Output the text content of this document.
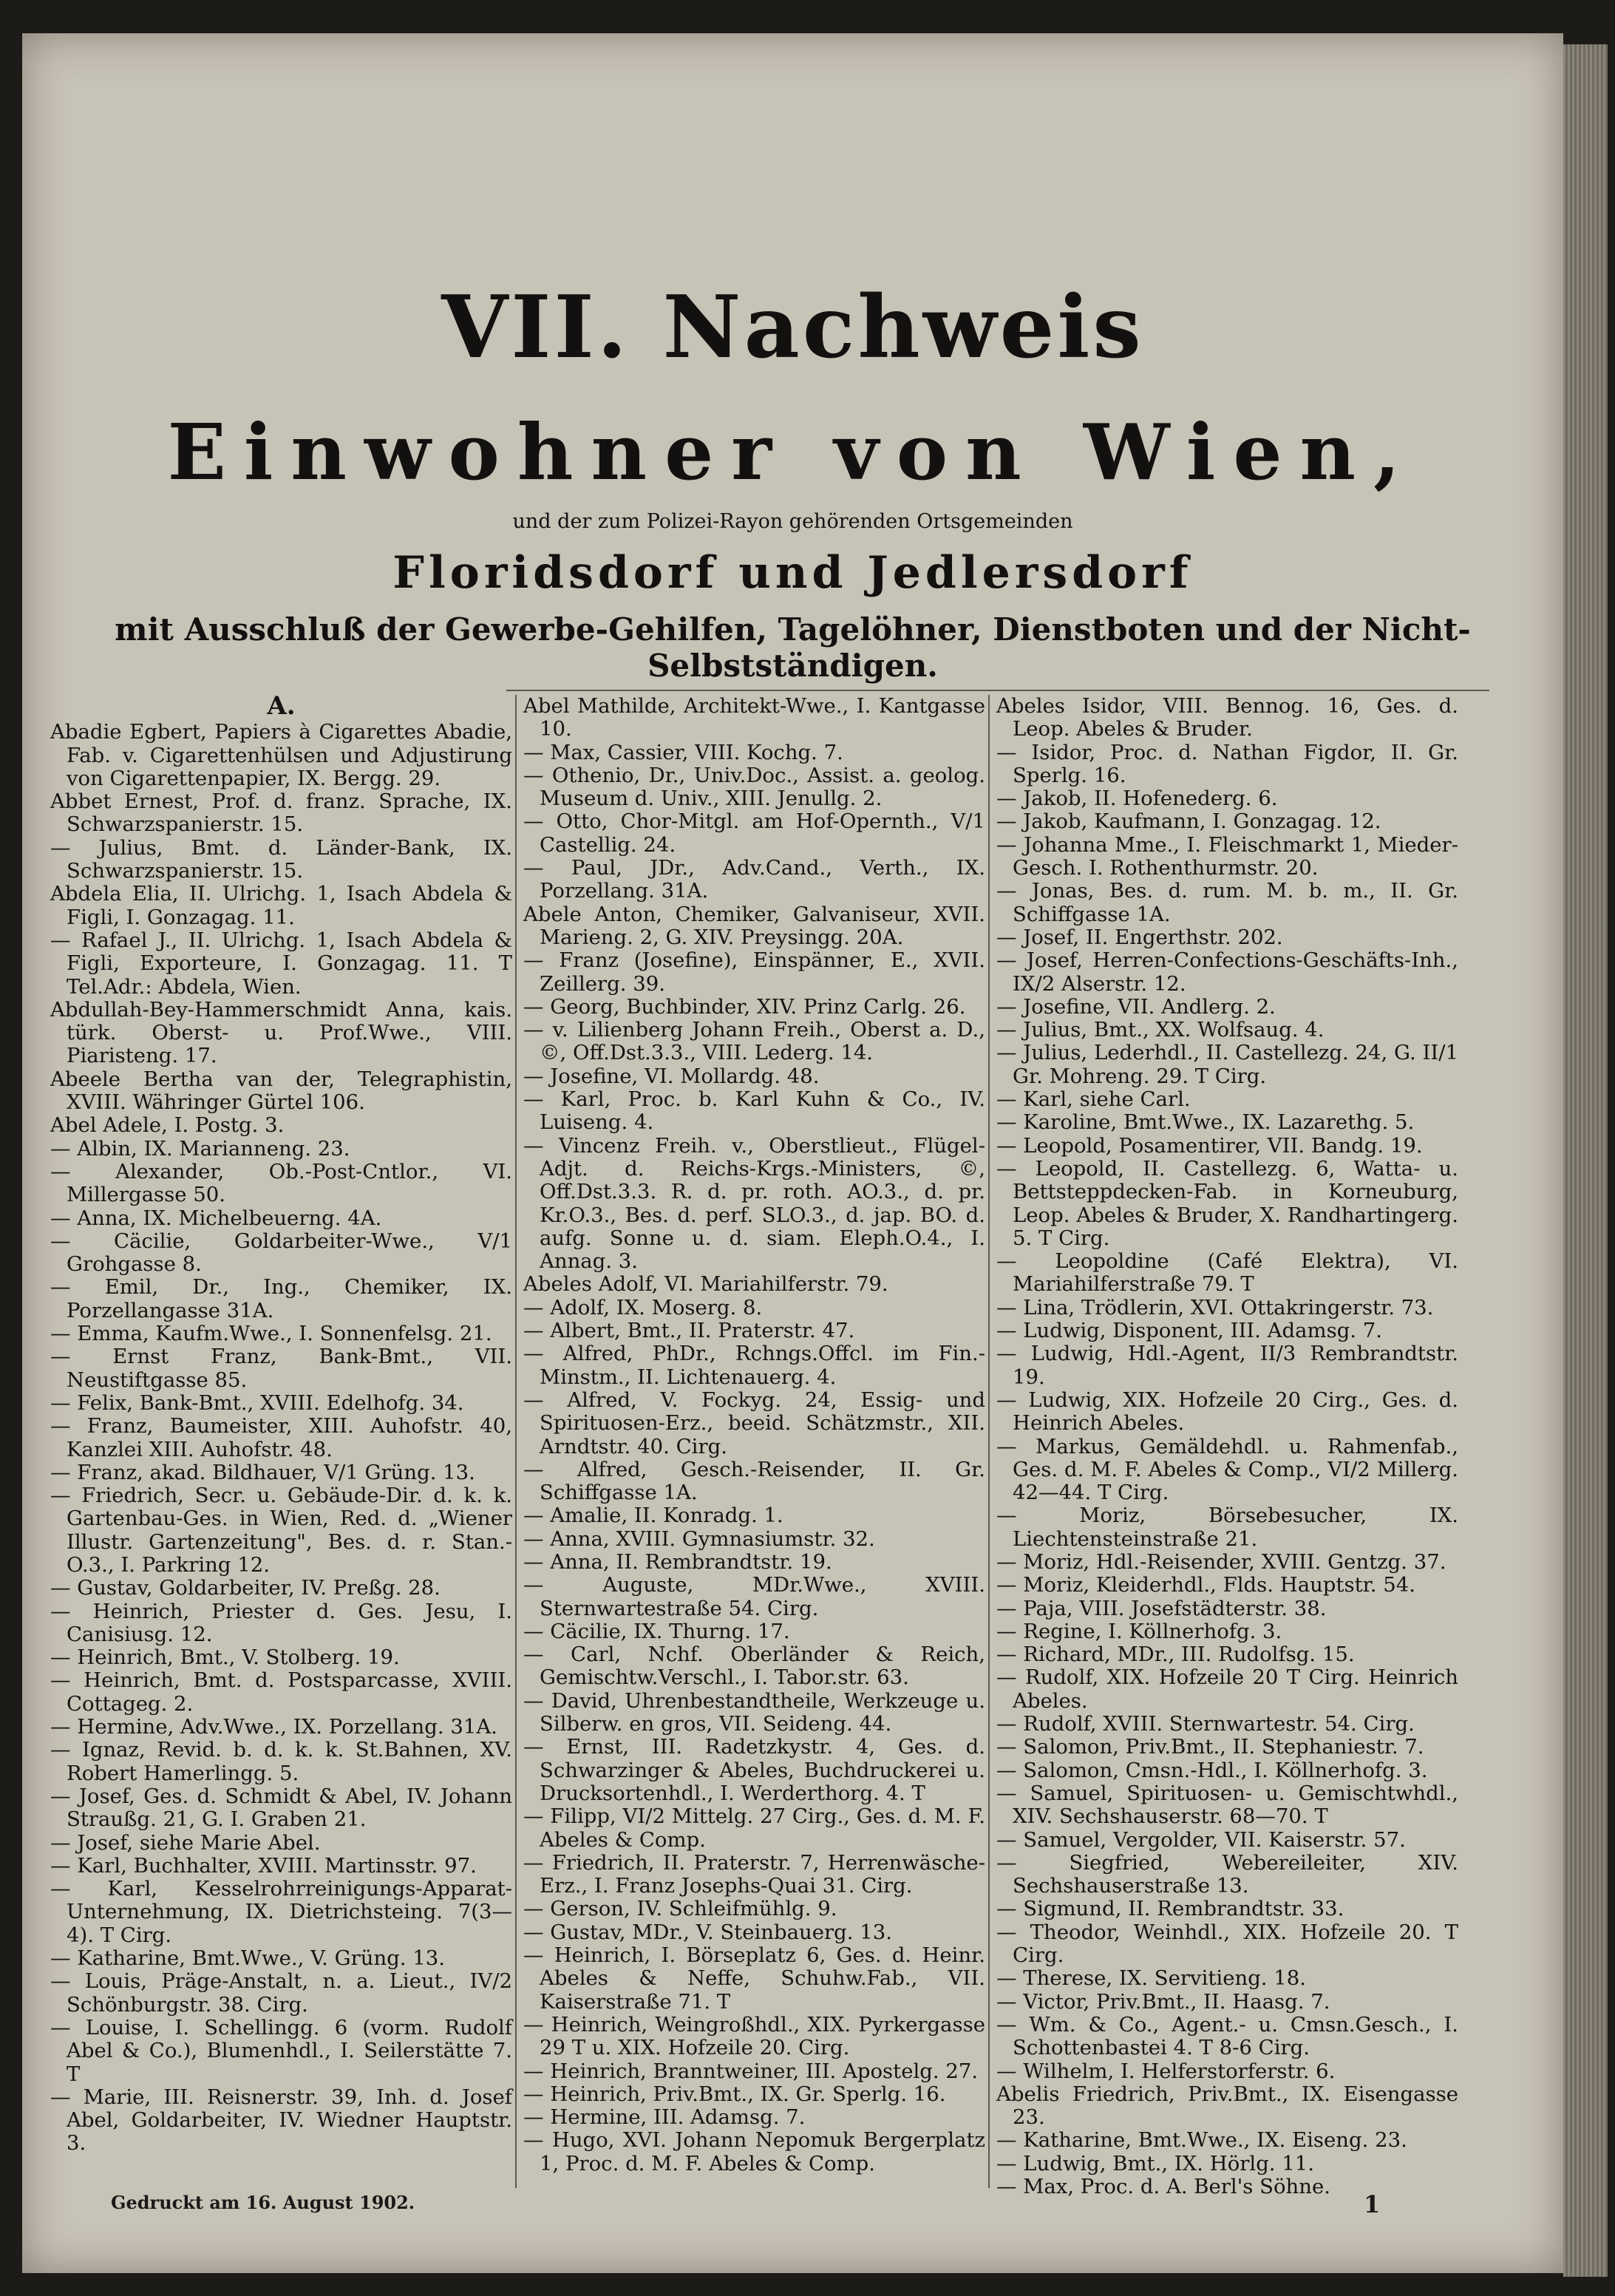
VII. Nachweis
Einwohner von Wien,
und der zum Polizei-Rayon gehörenden Ortsgemeinden
Floridsdorf und Jedlersdorf
mit Ausschluß der Gewerbe-Gehilfen, Tagelöhner, Dienstboten und der Nicht-Selbstständigen.

A.

Abadie Egbert, Papiers à Cigarettes Abadie, Fab. v. Cigarettenhülsen und Adjustirung von Cigarettenpapier, IX. Bergg. 29.

Abbet Ernest, Prof. d. franz. Sprache, IX. Schwarzspanierstr. 15.

— Julius, Bmt. d. Länder-Bank, IX. Schwarzspanierstr. 15.

Abdela Elia, II. Ulrichg. 1, Isach Abdela & Figli, I. Gonzagag. 11.

— Rafael J., II. Ulrichg. 1, Isach Abdela & Figli, Exporteure, I. Gonzagag. 11. T Tel.Adr.: Abdela, Wien.

Abdullah-Bey-Hammerschmidt Anna, kais. türk. Oberst- u. Prof.Wwe., VIII. Piaristeng. 17.

Abeele Bertha van der, Telegraphistin, XVIII. Währinger Gürtel 106.

Abel Adele, I. Postg. 3.

— Albin, IX. Marianneng. 23.

— Alexander, Ob.-Post-Cntlor., VI. Millergasse 50.

— Anna, IX. Michelbeuerng. 4A.

— Cäcilie, Goldarbeiter-Wwe., V/1 Grohgasse 8.

— Emil, Dr., Ing., Chemiker, IX. Porzellangasse 31A.

— Emma, Kaufm.Wwe., I. Sonnenfelsg. 21.

— Ernst Franz, Bank-Bmt., VII. Neustiftgasse 85.

— Felix, Bank-Bmt., XVIII. Edelhofg. 34.

— Franz, Baumeister, XIII. Auhofstr. 40, Kanzlei XIII. Auhofstr. 48.

— Franz, akad. Bildhauer, V/1 Grüng. 13.

— Friedrich, Secr. u. Gebäude-Dir. d. k. k. Gartenbau-Ges. in Wien, Red. d. „Wiener Illustr. Gartenzeitung", Bes. d. r. Stan.-O.3., I. Parkring 12.

— Gustav, Goldarbeiter, IV. Preßg. 28.

— Heinrich, Priester d. Ges. Jesu, I. Canisiusg. 12.

— Heinrich, Bmt., V. Stolberg. 19.

— Heinrich, Bmt. d. Postsparcasse, XVIII. Cottageg. 2.

— Hermine, Adv.Wwe., IX. Porzellang. 31A.

— Ignaz, Revid. b. d. k. k. St.Bahnen, XV. Robert Hamerlingg. 5.

— Josef, Ges. d. Schmidt & Abel, IV. Johann Straußg. 21, G. I. Graben 21.

— Josef, siehe Marie Abel.

— Karl, Buchhalter, XVIII. Martinsstr. 97.

— Karl, Kesselrohrreinigungs-Apparat-Unternehmung, IX. Dietrichsteing. 7(3—4). T Cirg.

— Katharine, Bmt.Wwe., V. Grüng. 13.

— Louis, Präge-Anstalt, n. a. Lieut., IV/2 Schönburgstr. 38. Cirg.

— Louise, I. Schellingg. 6 (vorm. Rudolf Abel & Co.), Blumenhdl., I. Seilerstätte 7. T

— Marie, III. Reisnerstr. 39, Inh. d. Josef Abel, Goldarbeiter, IV. Wiedner Hauptstr. 3.

Abel Mathilde, Architekt-Wwe., I. Kantgasse 10.

— Max, Cassier, VIII. Kochg. 7.

— Othenio, Dr., Univ.Doc., Assist. a. geolog. Museum d. Univ., XIII. Jenullg. 2.

— Otto, Chor-Mitgl. am Hof-Opernth., V/1 Castellig. 24.

— Paul, JDr., Adv.Cand., Verth., IX. Porzellang. 31A.

Abele Anton, Chemiker, Galvaniseur, XVII. Marieng. 2, G. XIV. Preysingg. 20A.

— Franz (Josefine), Einspänner, E., XVII. Zeillerg. 39.

— Georg, Buchbinder, XIV. Prinz Carlg. 26.

— v. Lilienberg Johann Freih., Oberst a. D., ©, Off.Dst.3.3., VIII. Lederg. 14.

— Josefine, VI. Mollardg. 48.

— Karl, Proc. b. Karl Kuhn & Co., IV. Luiseng. 4.

— Vincenz Freih. v., Oberstlieut., Flügel-Adjt. d. Reichs-Krgs.-Ministers, ©, Off.Dst.3.3. R. d. pr. roth. AO.3., d. pr. Kr.O.3., Bes. d. perf. SLO.3., d. jap. BO. d. aufg. Sonne u. d. siam. Eleph.O.4., I. Annag. 3.

Abeles Adolf, VI. Mariahilferstr. 79.

— Adolf, IX. Moserg. 8.

— Albert, Bmt., II. Praterstr. 47.

— Alfred, PhDr., Rchngs.Offcl. im Fin.-Minstm., II. Lichtenauerg. 4.

— Alfred, V. Fockyg. 24, Essig- und Spirituosen-Erz., beeid. Schätzmstr., XII. Arndtstr. 40. Cirg.

— Alfred, Gesch.-Reisender, II. Gr. Schiffgasse 1A.

— Amalie, II. Konradg. 1.

— Anna, XVIII. Gymnasiumstr. 32.

— Anna, II. Rembrandtstr. 19.

— Auguste, MDr.Wwe., XVIII. Sternwartestraße 54. Cirg.

— Cäcilie, IX. Thurng. 17.

— Carl, Nchf. Oberländer & Reich, Gemischtw.Verschl., I. Tabor.str. 63.

— David, Uhrenbestandtheile, Werkzeuge u. Silberw. en gros, VII. Seideng. 44.

— Ernst, III. Radetzkystr. 4, Ges. d. Schwarzinger & Abeles, Buchdruckerei u. Drucksortenhdl., I. Werderthorg. 4. T

— Filipp, VI/2 Mittelg. 27 Cirg., Ges. d. M. F. Abeles & Comp.

— Friedrich, II. Praterstr. 7, Herrenwäsche-Erz., I. Franz Josephs-Quai 31. Cirg.

— Gerson, IV. Schleifmühlg. 9.

— Gustav, MDr., V. Steinbauerg. 13.

— Heinrich, I. Börseplatz 6, Ges. d. Heinr. Abeles & Neffe, Schuhw.Fab., VII. Kaiserstraße 71. T

— Heinrich, Weingroßhdl., XIX. Pyrkergasse 29 T u. XIX. Hofzeile 20. Cirg.

— Heinrich, Branntweiner, III. Apostelg. 27.

— Heinrich, Priv.Bmt., IX. Gr. Sperlg. 16.

— Hermine, III. Adamsg. 7.

— Hugo, XVI. Johann Nepomuk Bergerplatz 1, Proc. d. M. F. Abeles & Comp.

Abeles Isidor, VIII. Bennog. 16, Ges. d. Leop. Abeles & Bruder.

— Isidor, Proc. d. Nathan Figdor, II. Gr. Sperlg. 16.

— Jakob, II. Hofenederg. 6.

— Jakob, Kaufmann, I. Gonzagag. 12.

— Johanna Mme., I. Fleischmarkt 1, Mieder-Gesch. I. Rothenthurmstr. 20.

— Jonas, Bes. d. rum. M. b. m., II. Gr. Schiffgasse 1A.

— Josef, II. Engerthstr. 202.

— Josef, Herren-Confections-Geschäfts-Inh., IX/2 Alserstr. 12.

— Josefine, VII. Andlerg. 2.

— Julius, Bmt., XX. Wolfsaug. 4.

— Julius, Lederhdl., II. Castellezg. 24, G. II/1 Gr. Mohreng. 29. T Cirg.

— Karl, siehe Carl.

— Karoline, Bmt.Wwe., IX. Lazarethg. 5.

— Leopold, Posamentirer, VII. Bandg. 19.

— Leopold, II. Castellezg. 6, Watta- u. Bettsteppdecken-Fab. in Korneuburg, Leop. Abeles & Bruder, X. Randhartingerg. 5. T Cirg.

— Leopoldine (Café Elektra), VI. Mariahilferstraße 79. T

— Lina, Trödlerin, XVI. Ottakringerstr. 73.

— Ludwig, Disponent, III. Adamsg. 7.

— Ludwig, Hdl.-Agent, II/3 Rembrandtstr. 19.

— Ludwig, XIX. Hofzeile 20 Cirg., Ges. d. Heinrich Abeles.

— Markus, Gemäldehdl. u. Rahmenfab., Ges. d. M. F. Abeles & Comp., VI/2 Millerg. 42—44. T Cirg.

— Moriz, Börsebesucher, IX. Liechtensteinstraße 21.

— Moriz, Hdl.-Reisender, XVIII. Gentzg. 37.

— Moriz, Kleiderhdl., Flds. Hauptstr. 54.

— Paja, VIII. Josefstädterstr. 38.

— Regine, I. Köllnerhofg. 3.

— Richard, MDr., III. Rudolfsg. 15.

— Rudolf, XIX. Hofzeile 20 T Cirg. Heinrich Abeles.

— Rudolf, XVIII. Sternwartestr. 54. Cirg.

— Salomon, Priv.Bmt., II. Stephaniestr. 7.

— Salomon, Cmsn.-Hdl., I. Köllnerhofg. 3.

— Samuel, Spirituosen- u. Gemischtwhdl., XIV. Sechshauserstr. 68—70. T

— Samuel, Vergolder, VII. Kaiserstr. 57.

— Siegfried, Webereileiter, XIV. Sechshauserstraße 13.

— Sigmund, II. Rembrandtstr. 33.

— Theodor, Weinhdl., XIX. Hofzeile 20. T Cirg.

— Therese, IX. Servitieng. 18.

— Victor, Priv.Bmt., II. Haasg. 7.

— Wm. & Co., Agent.- u. Cmsn.Gesch., I. Schottenbastei 4. T 8-6 Cirg.

— Wilhelm, I. Helferstorferstr. 6.

Abelis Friedrich, Priv.Bmt., IX. Eisengasse 23.

— Katharine, Bmt.Wwe., IX. Eiseng. 23.

— Ludwig, Bmt., IX. Hörlg. 11.

— Max, Proc. d. A. Berl's Söhne.

Gedruckt am 16. August 1902.	1
